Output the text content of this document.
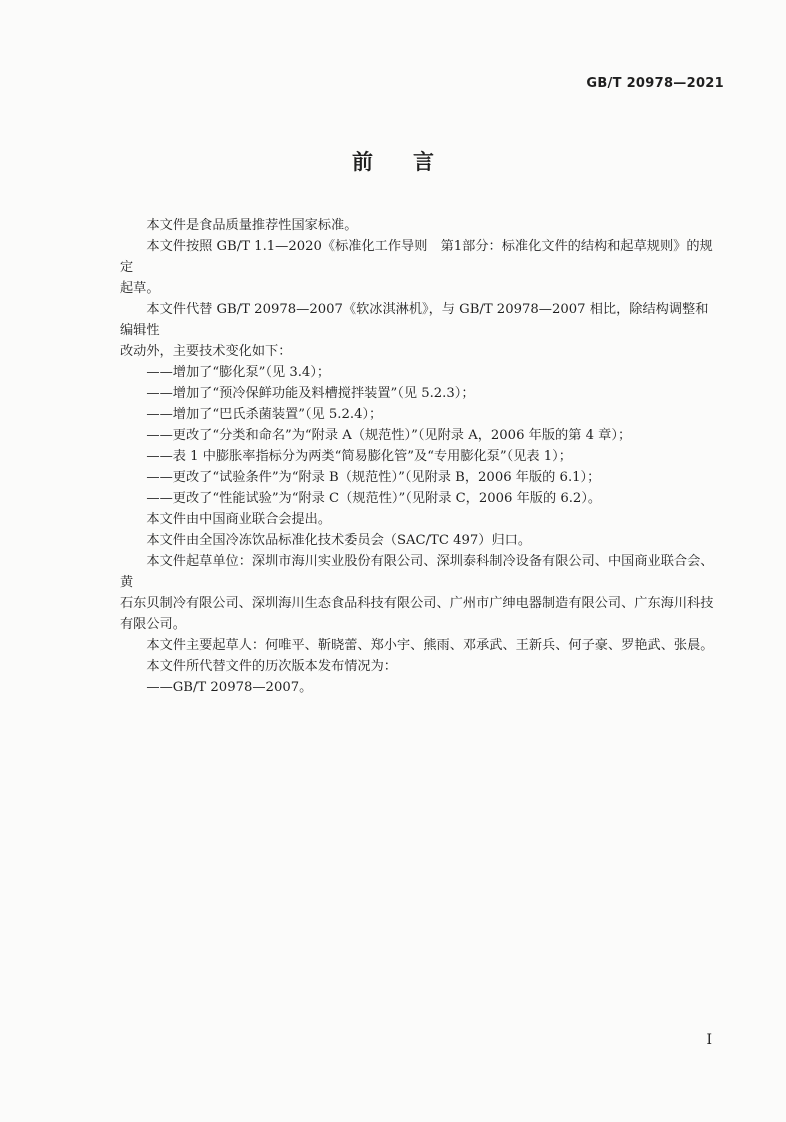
GB/T 20978—2021
前 言

本文件是食品质量推荐性国家标准。

本文件按照 GB/T 1.1—2020《标准化工作导则　第1部分：标准化文件的结构和起草规则》的规定

起草。

本文件代替 GB/T 20978—2007《软冰淇淋机》，与 GB/T 20978—2007 相比，除结构调整和编辑性

改动外，主要技术变化如下：

——增加了“膨化泵”（见 3.4）；

——增加了“预冷保鲜功能及料槽搅拌装置”（见 5.2.3）；

——增加了“巴氏杀菌装置”（见 5.2.4）；

——更改了“分类和命名”为“附录 A（规范性）”（见附录 A，2006 年版的第 4 章）；

——表 1 中膨胀率指标分为两类“简易膨化管”及“专用膨化泵”（见表 1）；

——更改了“试验条件”为“附录 B（规范性）”（见附录 B，2006 年版的 6.1）；

——更改了“性能试验”为“附录 C（规范性）”（见附录 C，2006 年版的 6.2）。

本文件由中国商业联合会提出。

本文件由全国冷冻饮品标准化技术委员会（SAC/TC 497）归口。

本文件起草单位：深圳市海川实业股份有限公司、深圳泰科制冷设备有限公司、中国商业联合会、黄

石东贝制冷有限公司、深圳海川生态食品科技有限公司、广州市广绅电器制造有限公司、广东海川科技

有限公司。

本文件主要起草人：何唯平、靳晓蕾、郑小宇、熊雨、邓承武、王新兵、何子豪、罗艳武、张晨。

本文件所代替文件的历次版本发布情况为：

——GB/T 20978—2007。

I
